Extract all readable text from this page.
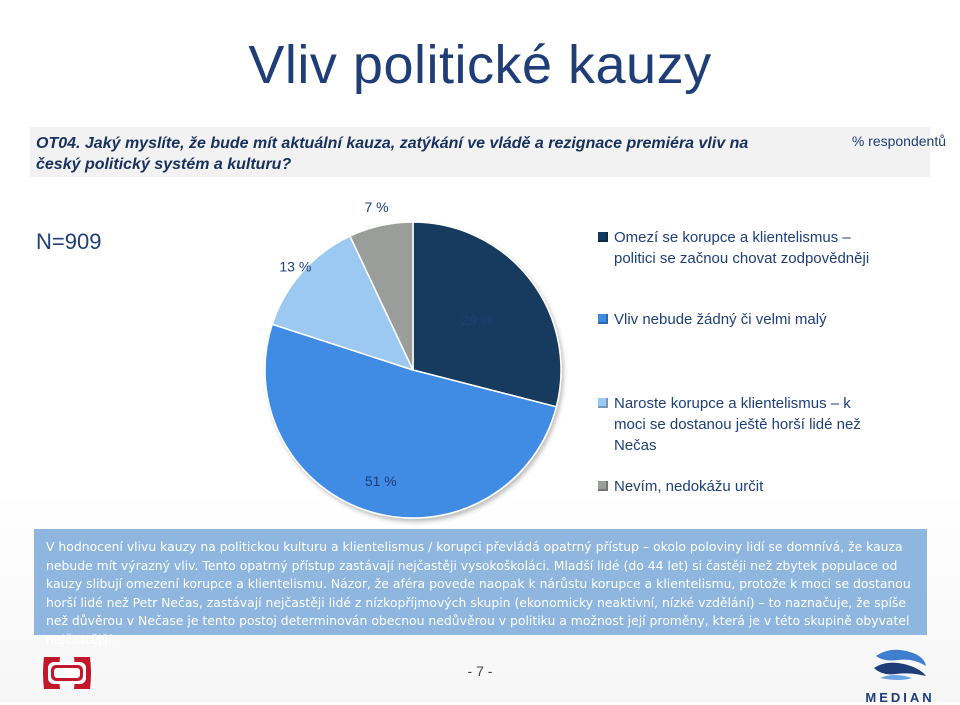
Vliv politické kauzy
OT04. Jaký myslíte, že bude mít aktuální kauza, zatýkání ve vládě a rezignace premiéra vliv na český politický systém a kulturu?
% respondentů
N=909
29 %
51 %
13 %
7 %
Omezí se korupce a klientelismus – politici se začnou chovat zodpovědněji
Vliv nebude žádný či velmi malý
Naroste korupce a klientelismus – k moci se dostanou ještě horší lidé než Nečas
Nevím, nedokážu určit
V hodnocení vlivu kauzy na politickou kulturu a klientelismus / korupci převládá opatrný přístup – okolo poloviny lidí se domnívá, že kauza nebude mít výrazný vliv. Tento opatrný přístup zastávají nejčastěji vysokoškoláci. Mladší lidé (do 44 let) si častěji než zbytek populace od kauzy slibují omezení korupce a klientelismu. Názor, že aféra povede naopak k nárůstu korupce a klientelismu, protože k moci se dostanou horší lidé než Petr Nečas, zastávají nejčastěji lidé z nízkopříjmových skupin (ekonomicky neaktivní, nízké vzdělání) – to naznačuje, že spíše než důvěrou v Nečase je tento postoj determinován obecnou nedůvěrou v politiku a možnost její proměny, která je v této skupině obyvatel nejčastější.
- 7 -
MEDIAN
